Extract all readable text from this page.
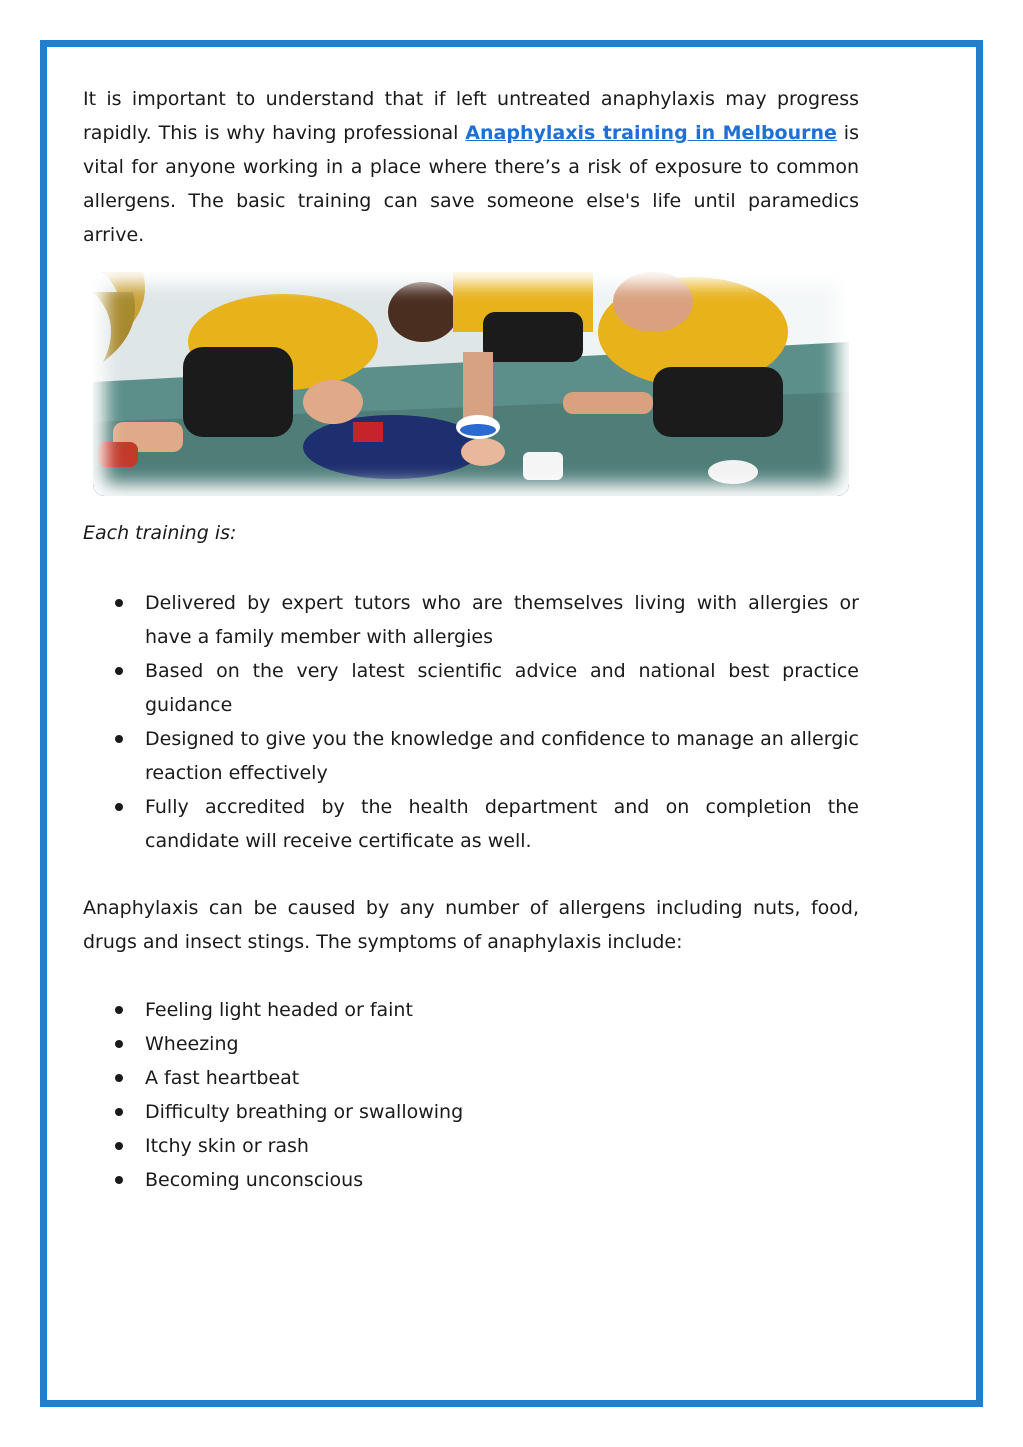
It is important to understand that if left untreated anaphylaxis may progress rapidly. This is why having professional Anaphylaxis training in Melbourne is vital for anyone working in a place where there’s a risk of exposure to common allergens. The basic training can save someone else's life until paramedics arrive.

Each training is:

Delivered by expert tutors who are themselves living with allergies or have a family member with allergies
Based on the very latest scientific advice and national best practice guidance
Designed to give you the knowledge and confidence to manage an allergic reaction effectively
Fully accredited by the health department and on completion the candidate will receive certificate as well.

Anaphylaxis can be caused by any number of allergens including nuts, food, drugs and insect stings. The symptoms of anaphylaxis include:

Feeling light headed or faint
Wheezing
A fast heartbeat
Difficulty breathing or swallowing
Itchy skin or rash
Becoming unconscious
